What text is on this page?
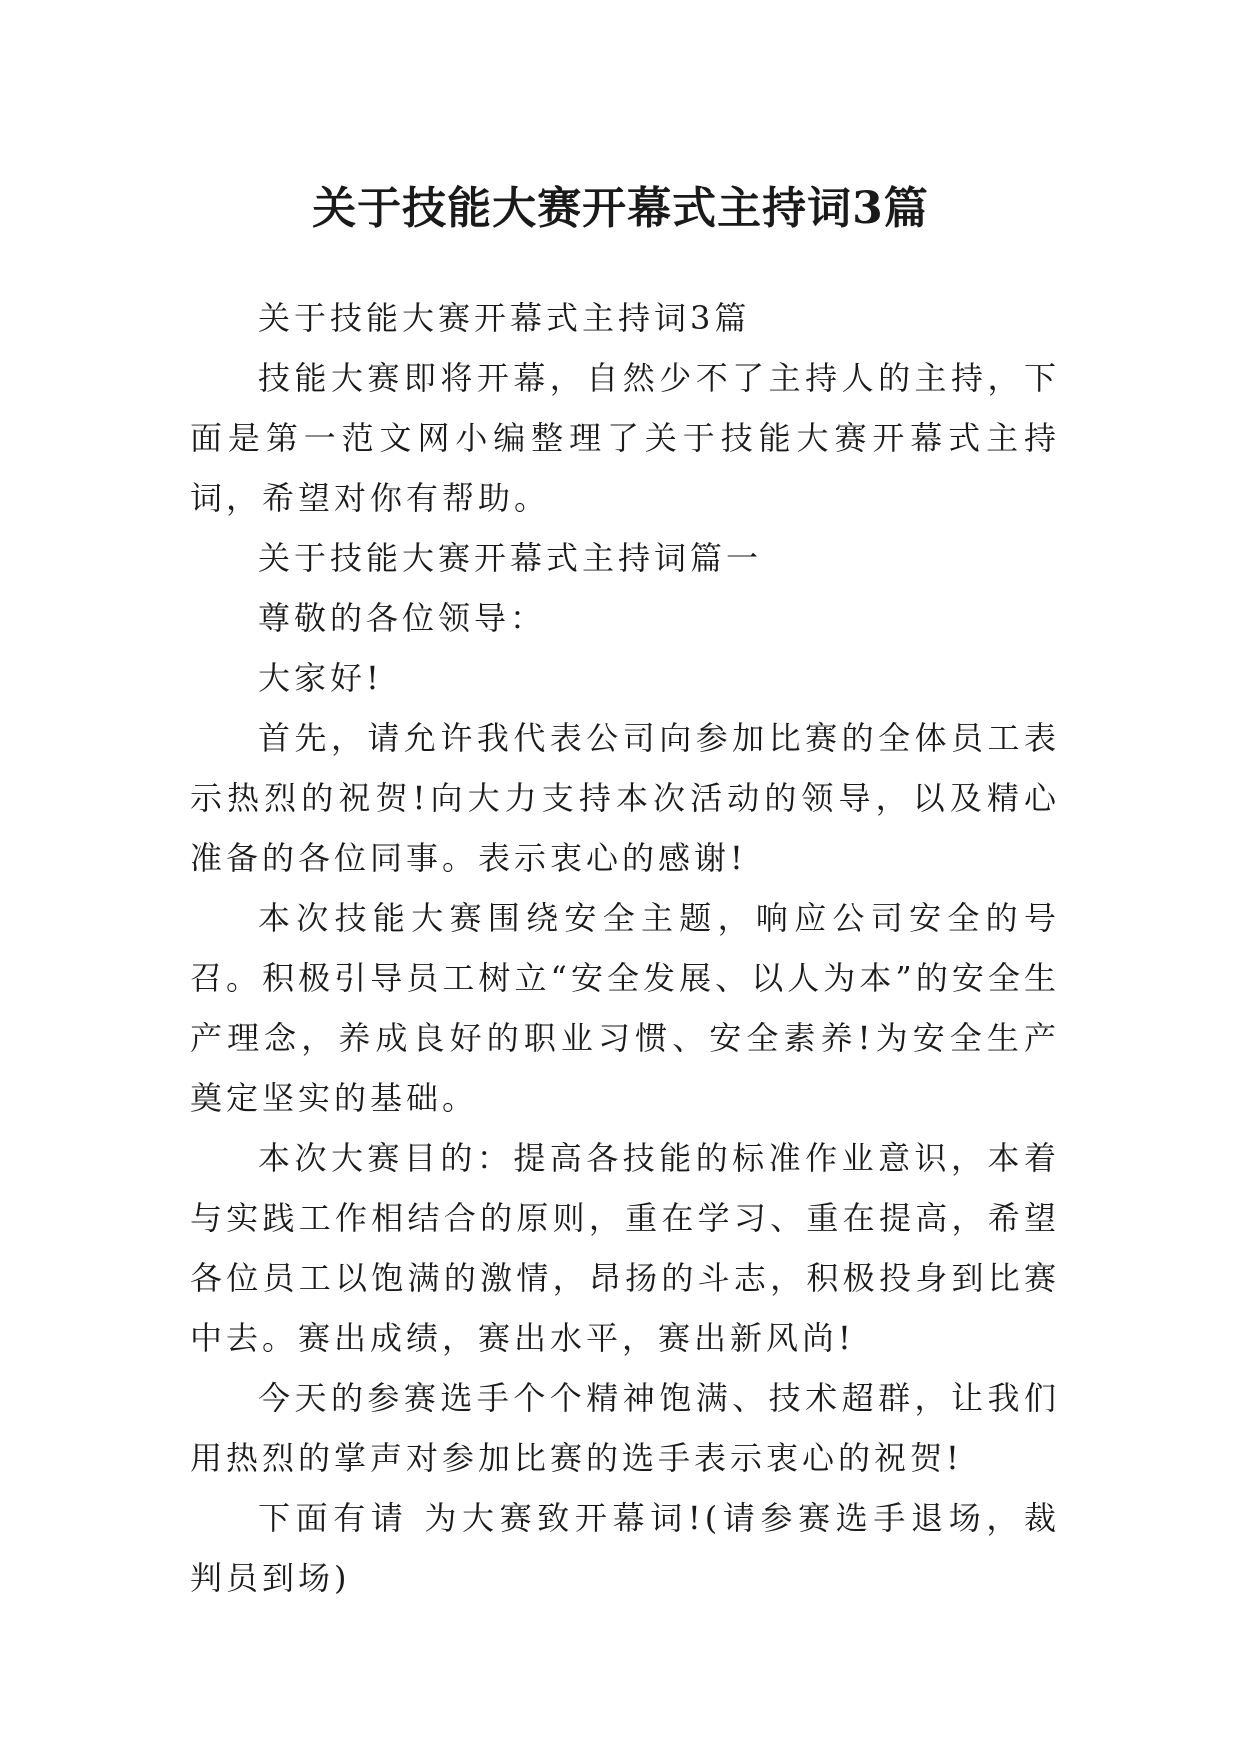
关于技能大赛开幕式主持词3篇

关于技能大赛开幕式主持词3篇

技能大赛即将开幕，自然少不了主持人的主持，下面是第一范文网小编整理了关于技能大赛开幕式主持词，希望对你有帮助。

关于技能大赛开幕式主持词篇一

尊敬的各位领导：

大家好!

首先，请允许我代表公司向参加比赛的全体员工表示热烈的祝贺!向大力支持本次活动的领导，以及精心准备的各位同事。表示衷心的感谢!

本次技能大赛围绕安全主题，响应公司安全的号召。积极引导员工树立“安全发展、以人为本”的安全生产理念，养成良好的职业习惯、安全素养!为安全生产奠定坚实的基础。

本次大赛目的：提高各技能的标准作业意识，本着与实践工作相结合的原则，重在学习、重在提高，希望各位员工以饱满的激情，昂扬的斗志，积极投身到比赛中去。赛出成绩，赛出水平，赛出新风尚!

今天的参赛选手个个精神饱满、技术超群，让我们用热烈的掌声对参加比赛的选手表示衷心的祝贺!

下面有请 为大赛致开幕词!(请参赛选手退场，裁判员到场)
